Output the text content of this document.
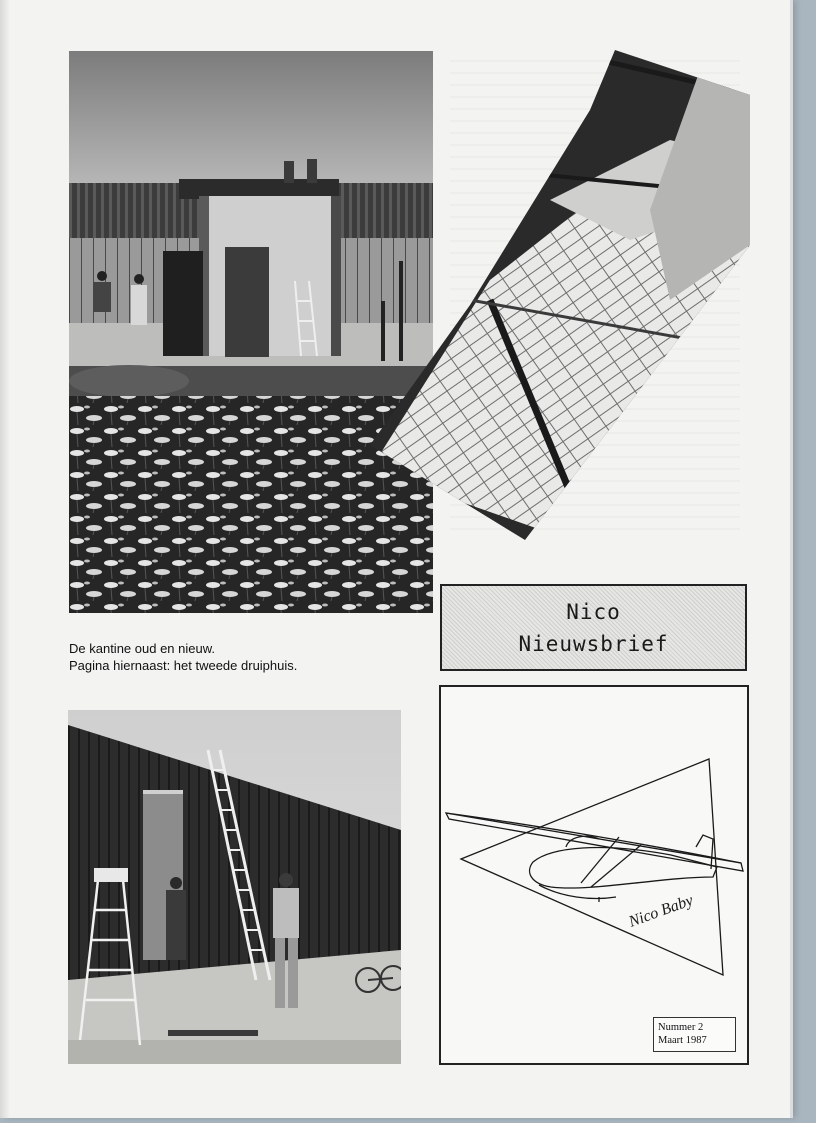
De kantine oud en nieuw.
Pagina hiernaast: het tweede druiphuis.
Nico
Nieuwsbrief
Nico Baby
Nummer 2
Maart 1987
